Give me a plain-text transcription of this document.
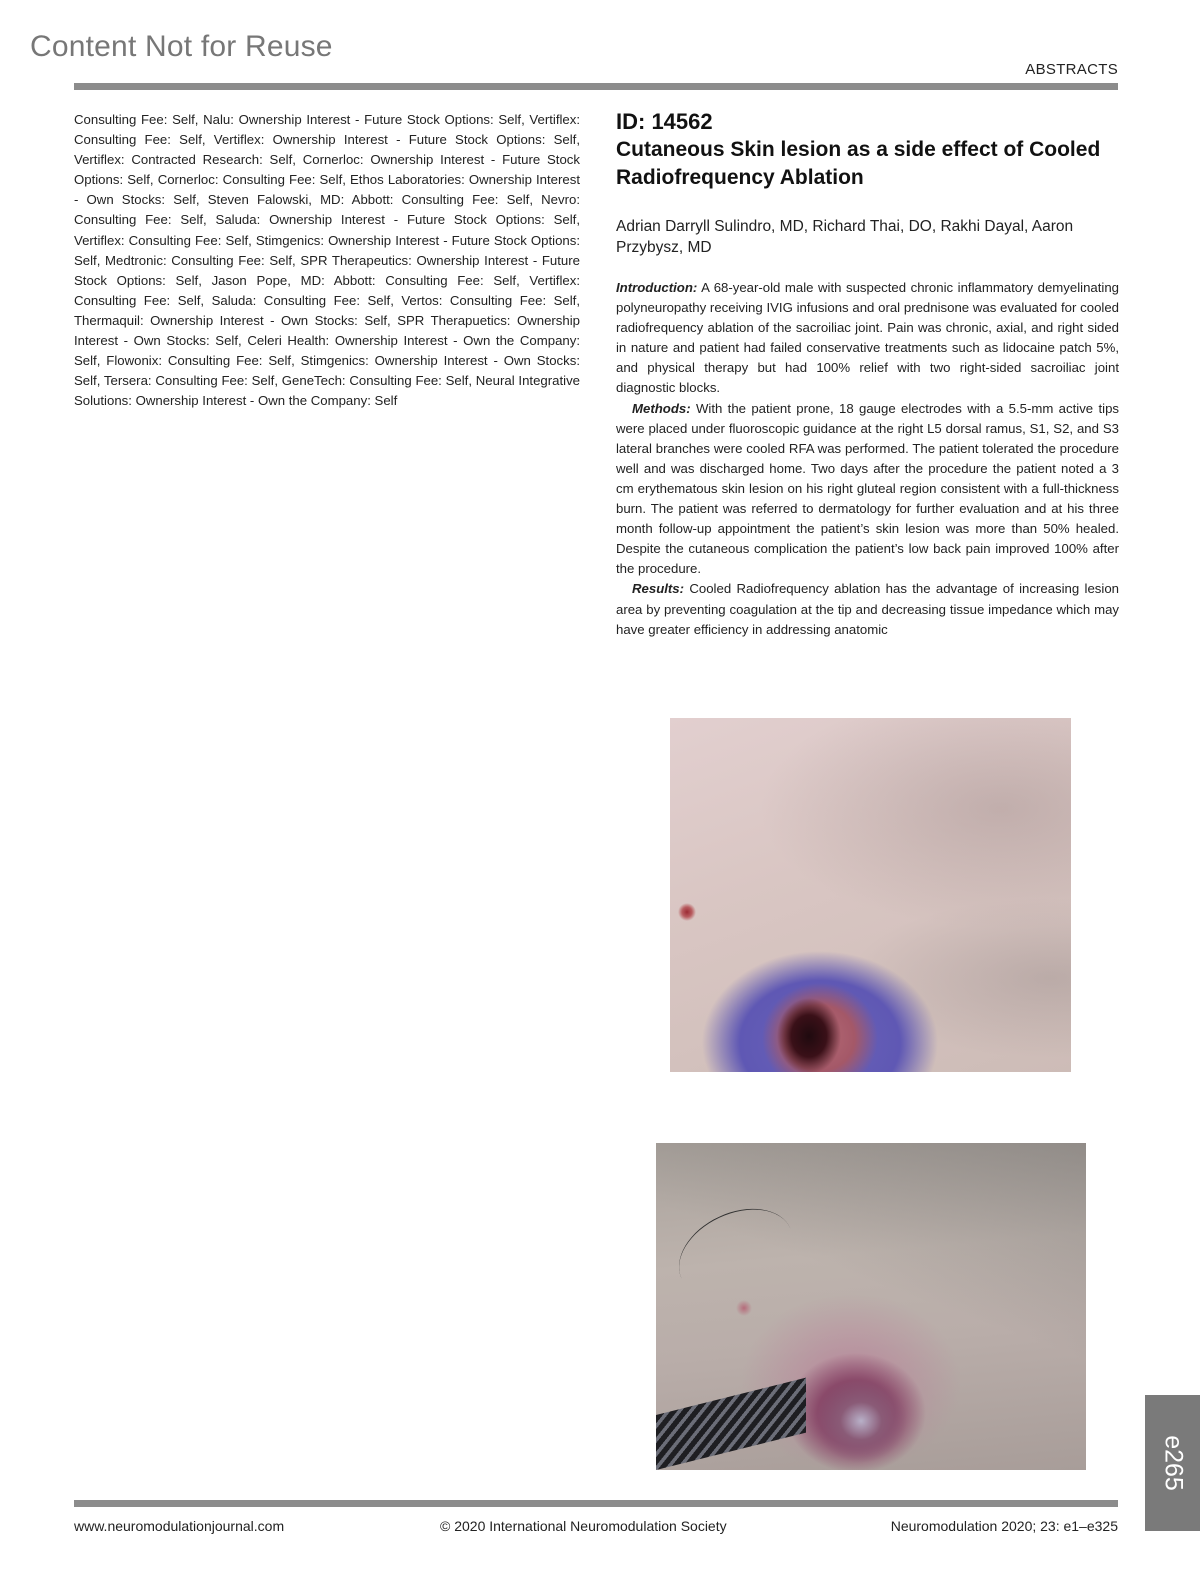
Content Not for Reuse
ABSTRACTS
Consulting Fee: Self, Nalu: Ownership Interest - Future Stock Options: Self, Vertiflex: Consulting Fee: Self, Vertiflex: Ownership Interest - Future Stock Options: Self, Vertiflex: Contracted Research: Self, Cornerloc: Ownership Interest - Future Stock Options: Self, Cornerloc: Consulting Fee: Self, Ethos Laboratories: Ownership Interest - Own Stocks: Self, Steven Falowski, MD: Abbott: Consulting Fee: Self, Nevro: Consulting Fee: Self, Saluda: Ownership Interest - Future Stock Options: Self, Vertiflex: Consulting Fee: Self, Stimgenics: Ownership Interest - Future Stock Options: Self, Medtronic: Consulting Fee: Self, SPR Therapeutics: Ownership Interest - Future Stock Options: Self, Jason Pope, MD: Abbott: Consulting Fee: Self, Vertiflex: Consulting Fee: Self, Saluda: Consulting Fee: Self, Vertos: Consulting Fee: Self, Thermaquil: Ownership Interest - Own Stocks: Self, SPR Therapuetics: Ownership Interest - Own Stocks: Self, Celeri Health: Ownership Interest - Own the Company: Self, Flowonix: Consulting Fee: Self, Stimgenics: Ownership Interest - Own Stocks: Self, Tersera: Consulting Fee: Self, GeneTech: Consulting Fee: Self, Neural Integrative Solutions: Ownership Interest - Own the Company: Self
ID: 14562
Cutaneous Skin lesion as a side effect of Cooled Radiofrequency Ablation
Adrian Darryll Sulindro, MD, Richard Thai, DO, Rakhi Dayal, Aaron Przybysz, MD

Introduction: A 68-year-old male with suspected chronic inflammatory demyelinating polyneuropathy receiving IVIG infusions and oral prednisone was evaluated for cooled radiofrequency ablation of the sacroiliac joint. Pain was chronic, axial, and right sided in nature and patient had failed conservative treatments such as lidocaine patch 5%, and physical therapy but had 100% relief with two right-sided sacroiliac joint diagnostic blocks.

Methods: With the patient prone, 18 gauge electrodes with a 5.5-mm active tips were placed under fluoroscopic guidance at the right L5 dorsal ramus, S1, S2, and S3 lateral branches were cooled RFA was performed. The patient tolerated the procedure well and was discharged home. Two days after the procedure the patient noted a 3 cm erythematous skin lesion on his right gluteal region consistent with a full-thickness burn. The patient was referred to dermatology for further evaluation and at his three month follow-up appointment the patient’s skin lesion was more than 50% healed. Despite the cutaneous complication the patient’s low back pain improved 100% after the procedure.

Results: Cooled Radiofrequency ablation has the advantage of increasing lesion area by preventing coagulation at the tip and decreasing tissue impedance which may have greater efficiency in addressing anatomic

www.neuromodulationjournal.com	© 2020 International Neuromodulation Society	Neuromodulation 2020; 23: e1–e325
e265
